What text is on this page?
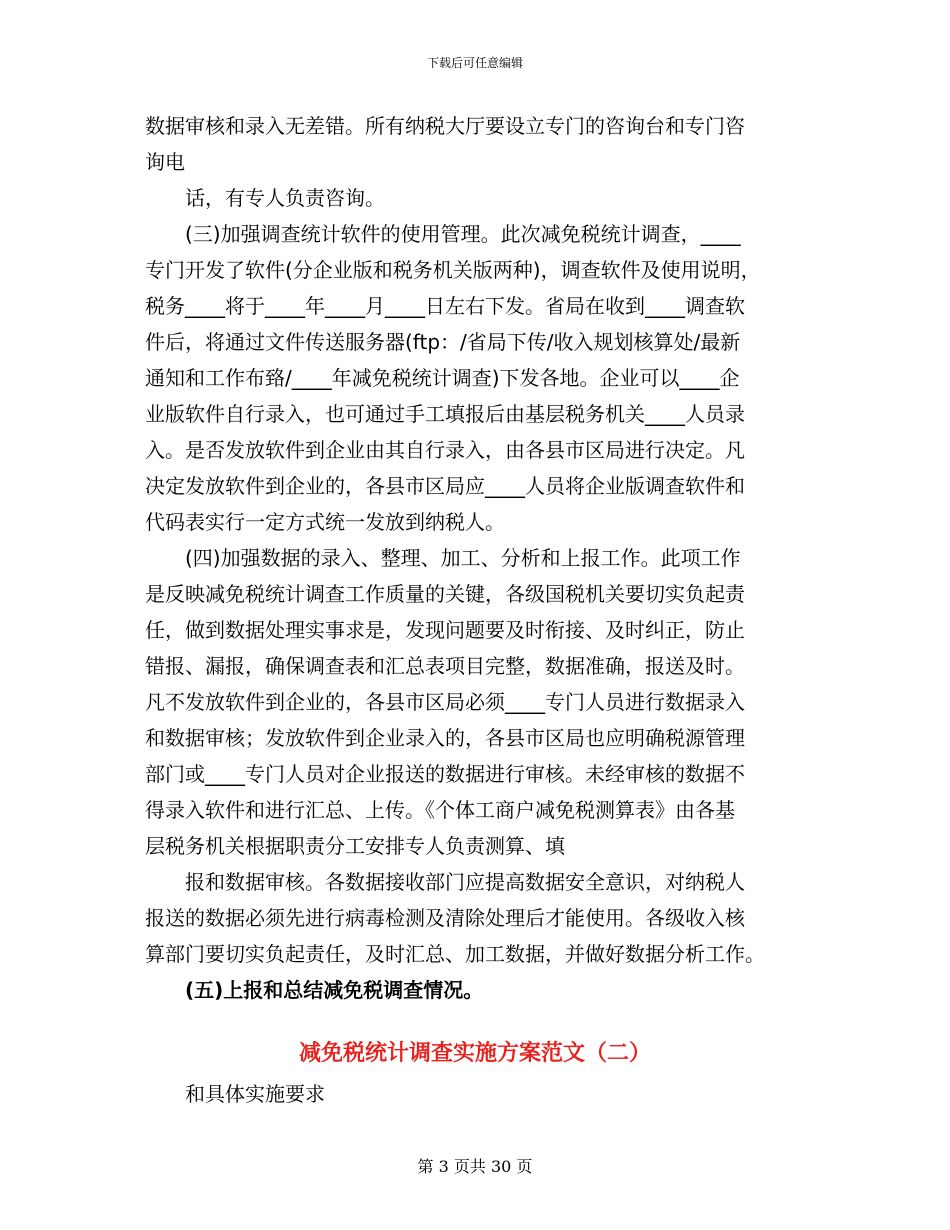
下载后可任意编辑
数据审核和录入无差错。所有纳税大厅要设立专门的咨询台和专门咨
询电
话，有专人负责咨询。
(三)加强调查统计软件的使用管理。此次减免税统计调查，____
专门开发了软件(分企业版和税务机关版两种)，调查软件及使用说明，
税务____将于____年____月____日左右下发。省局在收到____调查软
件后，将通过文件传送服务器(ftp：/省局下传/收入规划核算处/最新
通知和工作布臵/____年减免税统计调查)下发各地。企业可以____企
业版软件自行录入，也可通过手工填报后由基层税务机关____人员录
入。是否发放软件到企业由其自行录入，由各县市区局进行决定。凡
决定发放软件到企业的，各县市区局应____人员将企业版调查软件和
代码表实行一定方式统一发放到纳税人。
(四)加强数据的录入、整理、加工、分析和上报工作。此项工作
是反映减免税统计调查工作质量的关键，各级国税机关要切实负起责
任，做到数据处理实事求是，发现问题要及时衔接、及时纠正，防止
错报、漏报，确保调查表和汇总表项目完整，数据准确，报送及时。
凡不发放软件到企业的，各县市区局必须____专门人员进行数据录入
和数据审核；发放软件到企业录入的，各县市区局也应明确税源管理
部门或____专门人员对企业报送的数据进行审核。未经审核的数据不
得录入软件和进行汇总、上传。《个体工商户减免税测算表》由各基
层税务机关根据职责分工安排专人负责测算、填
报和数据审核。各数据接收部门应提高数据安全意识，对纳税人
报送的数据必须先进行病毒检测及清除处理后才能使用。各级收入核
算部门要切实负起责任，及时汇总、加工数据，并做好数据分析工作。
(五)上报和总结减免税调查情况。
减免税统计调查实施方案范文（二）
和具体实施要求
第 3 页共 30 页
